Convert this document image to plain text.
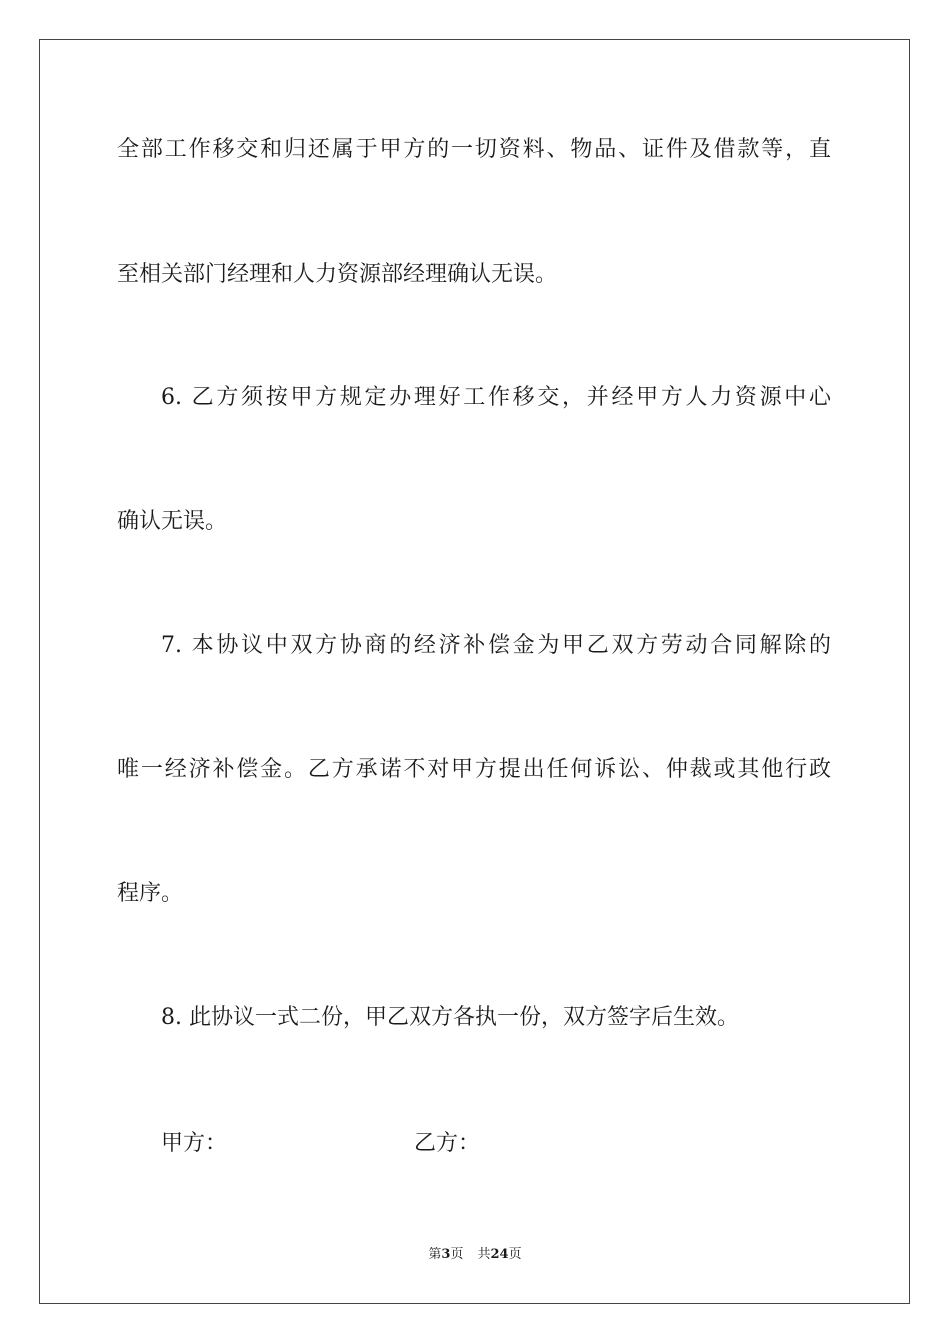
全部工作移交和归还属于甲方的一切资料、物品、证件及借款等，直
至相关部门经理和人力资源部经理确认无误。
6. 乙方须按甲方规定办理好工作移交，并经甲方人力资源中心
确认无误。
7. 本协议中双方协商的经济补偿金为甲乙双方劳动合同解除的
唯一经济补偿金。乙方承诺不对甲方提出任何诉讼、仲裁或其他行政
程序。
8. 此协议一式二份，甲乙双方各执一份，双方签字后生效。
甲方：	乙方：
第3页 共24页
